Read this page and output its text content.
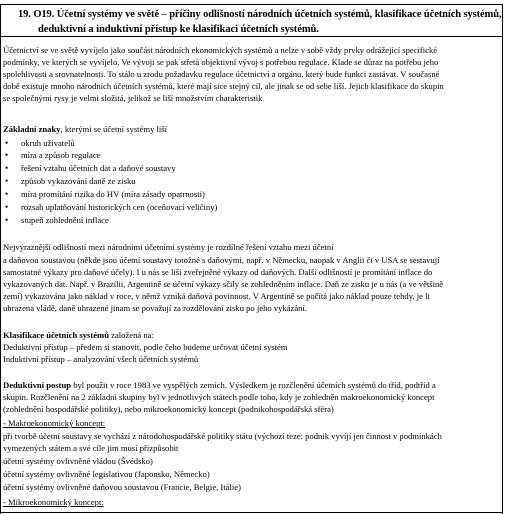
19. O19. Účetní systémy ve světě – příčiny odlišností národních účetních systémů, klasifikace účetních systémů,
deduktivní a induktivní přístup ke klasifikaci účetních systémů.
Účetnictví se ve světě vyvíjelo jako součást národních ekonomických systémů a nelze v sobě vždy prvky odrážející specifické
podmínky, ve kterých se vyvíjelo. Ve vývoji se pak střetá objektivní vývoj s potřebou regulace. Klade se důraz na potřebu jeho
spolehlivosti a srovnatelnosti. To stálo u zrodu požadavku regulace účetnictví a orgánu, který bude funkci zastávat. V současné
době existuje mnoho národních účetních systémů, které mají sice stejný cíl, ale jinak se od sebe liší. Jejich klasifikace do skupin
se společnými rysy je velmi složitá, jelikož se liší množstvím charakteristik
Základní znaky, kterými se účetní systémy liší
• okruh uživatelů
• míra a způsob regulace
• řešení vztahu účetních dat a daňové soustavy
• způsob vykazování daně ze zisku
• míra promítání rizika do HV (míra zásady opatrnosti)
• rozsah uplatňování historických cen (oceňovací veličiny)
• stupeň zohlednění inflace
Nejvýraznější odlišností mezi národními účetními systémy je rozdílné řešení vztahu mezi účetní
a daňovou soustavou (někde jsou účetní soustavy totožné s daňovými, např. v Německu, naopak v Anglii či v USA se sestavují
samostatné výkazy pro daňové účely). I u nás se liší zveřejněné výkazy od daňových. Další odlišností je promítání inflace do
vykazovaných dat. Např. v Brazílii, Argentině se účetní výkazy sčily se zohledněním inflace. Daň ze zisku je u nás (a ve většině
zemí) vykazována jako náklad v roce, v němž vzniká daňová povinnost. V Argentině se počítá jako náklad pouze tehdy, je li
uhrazena vládě, daně uhrazené jinam se považují za rozdělování zisku po jeho vykázání.
Klasifikace účetních systémů založená na:
Deduktivní přístup – předem si stanovit, podle čeho budeme určovat účetní systém
Induktivní přístup – analyzování všech účetních systémů
Deduktivní postup byl použit v roce 1983 ve vyspělých zemích. Výsledkem je rozčlenění účetních systémů do tříd, podtříd a
skupin. Rozčlenění na 2 základní skupiny byl v jednotlivých státech podle toho, kdy je zohledněn makroekonomický koncept
(zohlednění hospodářské politiky), nebo mikroekonomický koncept (podnikohospodářská sféra)
- Makroekonomický koncept:
při tvorbě účetní soustavy se vychází z národohospodářské politiky státu (výchozí teze: podnik vyvíjí jen činnost v podmínkách
vymezených státem a své cíle jim musí přizpůsobit
účetní systémy ovlivněné vládou (Švédsko)
účetní systémy ovlivněné legislativou (Japonsko, Německo)
účetní systémy ovlivněné daňovou soustavou (Francie, Belgie, Itálie)
- Mikroekonomický koncept:
